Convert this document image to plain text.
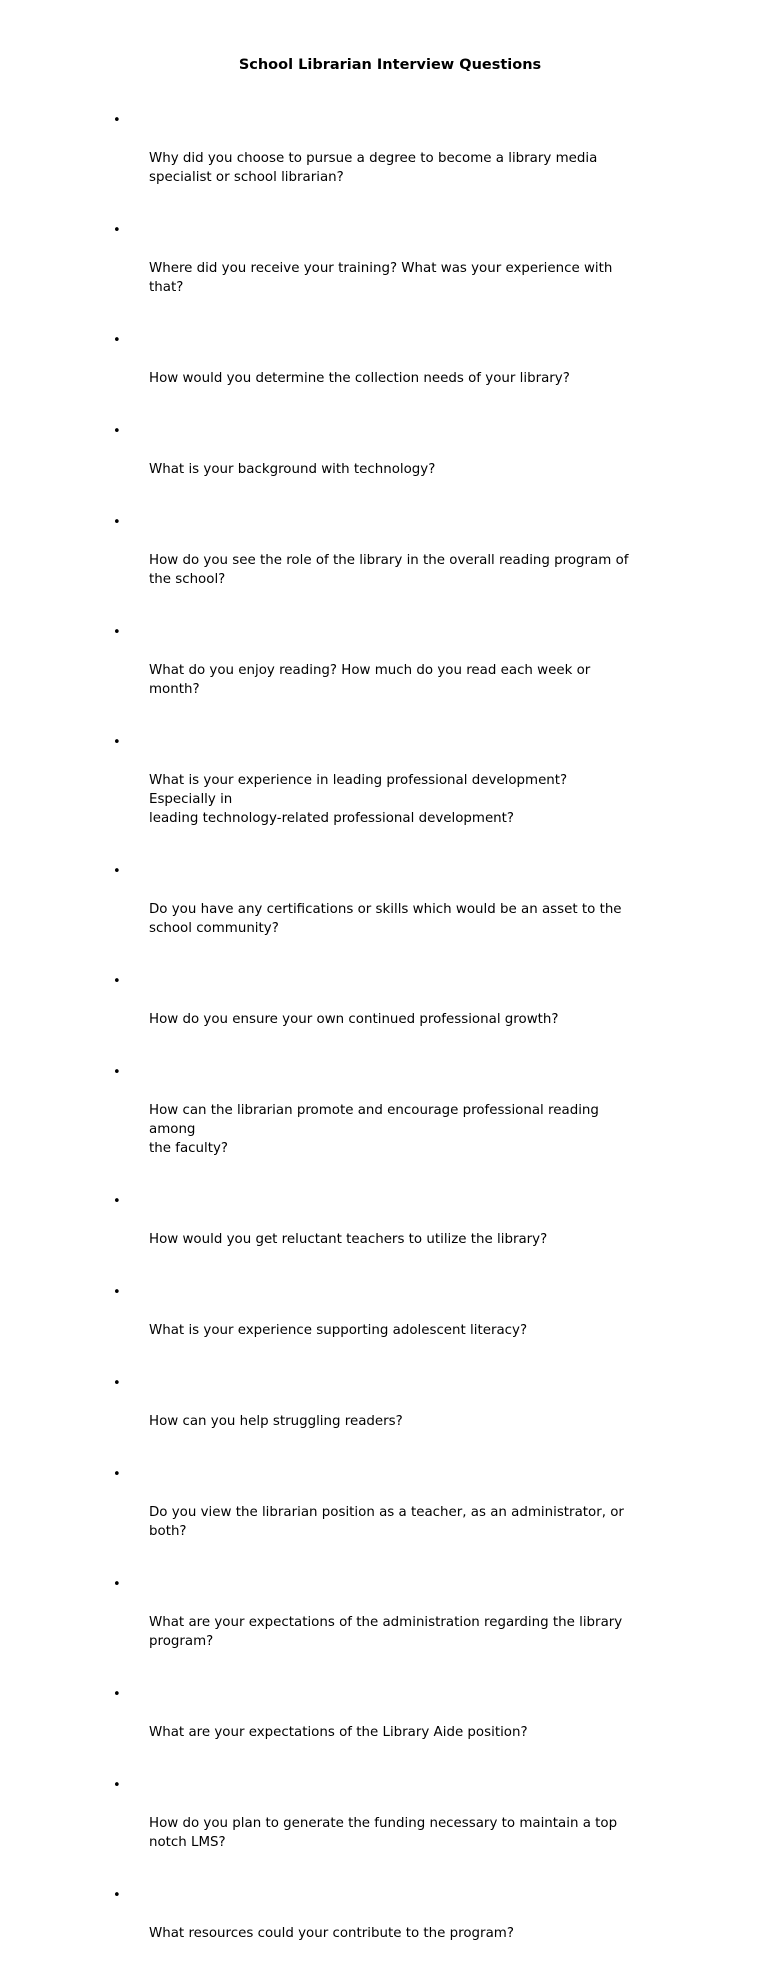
School Librarian Interview Questions

•

Why did you choose to pursue a degree to become a library media
specialist or school librarian?

•

Where did you receive your training? What was your experience with that?

•

How would you determine the collection needs of your library?

•

What is your background with technology?

•

How do you see the role of the library in the overall reading program of
the school?

•

What do you enjoy reading? How much do you read each week or month?

•

What is your experience in leading professional development? Especially in
leading technology-related professional development?

•

Do you have any certifications or skills which would be an asset to the
school community?

•

How do you ensure your own continued professional growth?

•

How can the librarian promote and encourage professional reading among
the faculty?

•

How would you get reluctant teachers to utilize the library?

•

What is your experience supporting adolescent literacy?

•

How can you help struggling readers?

•

Do you view the librarian position as a teacher, as an administrator, or
both?

•

What are your expectations of the administration regarding the library
program?

•

What are your expectations of the Library Aide position?

•

How do you plan to generate the funding necessary to maintain a top
notch LMS?

•

What resources could your contribute to the program?
